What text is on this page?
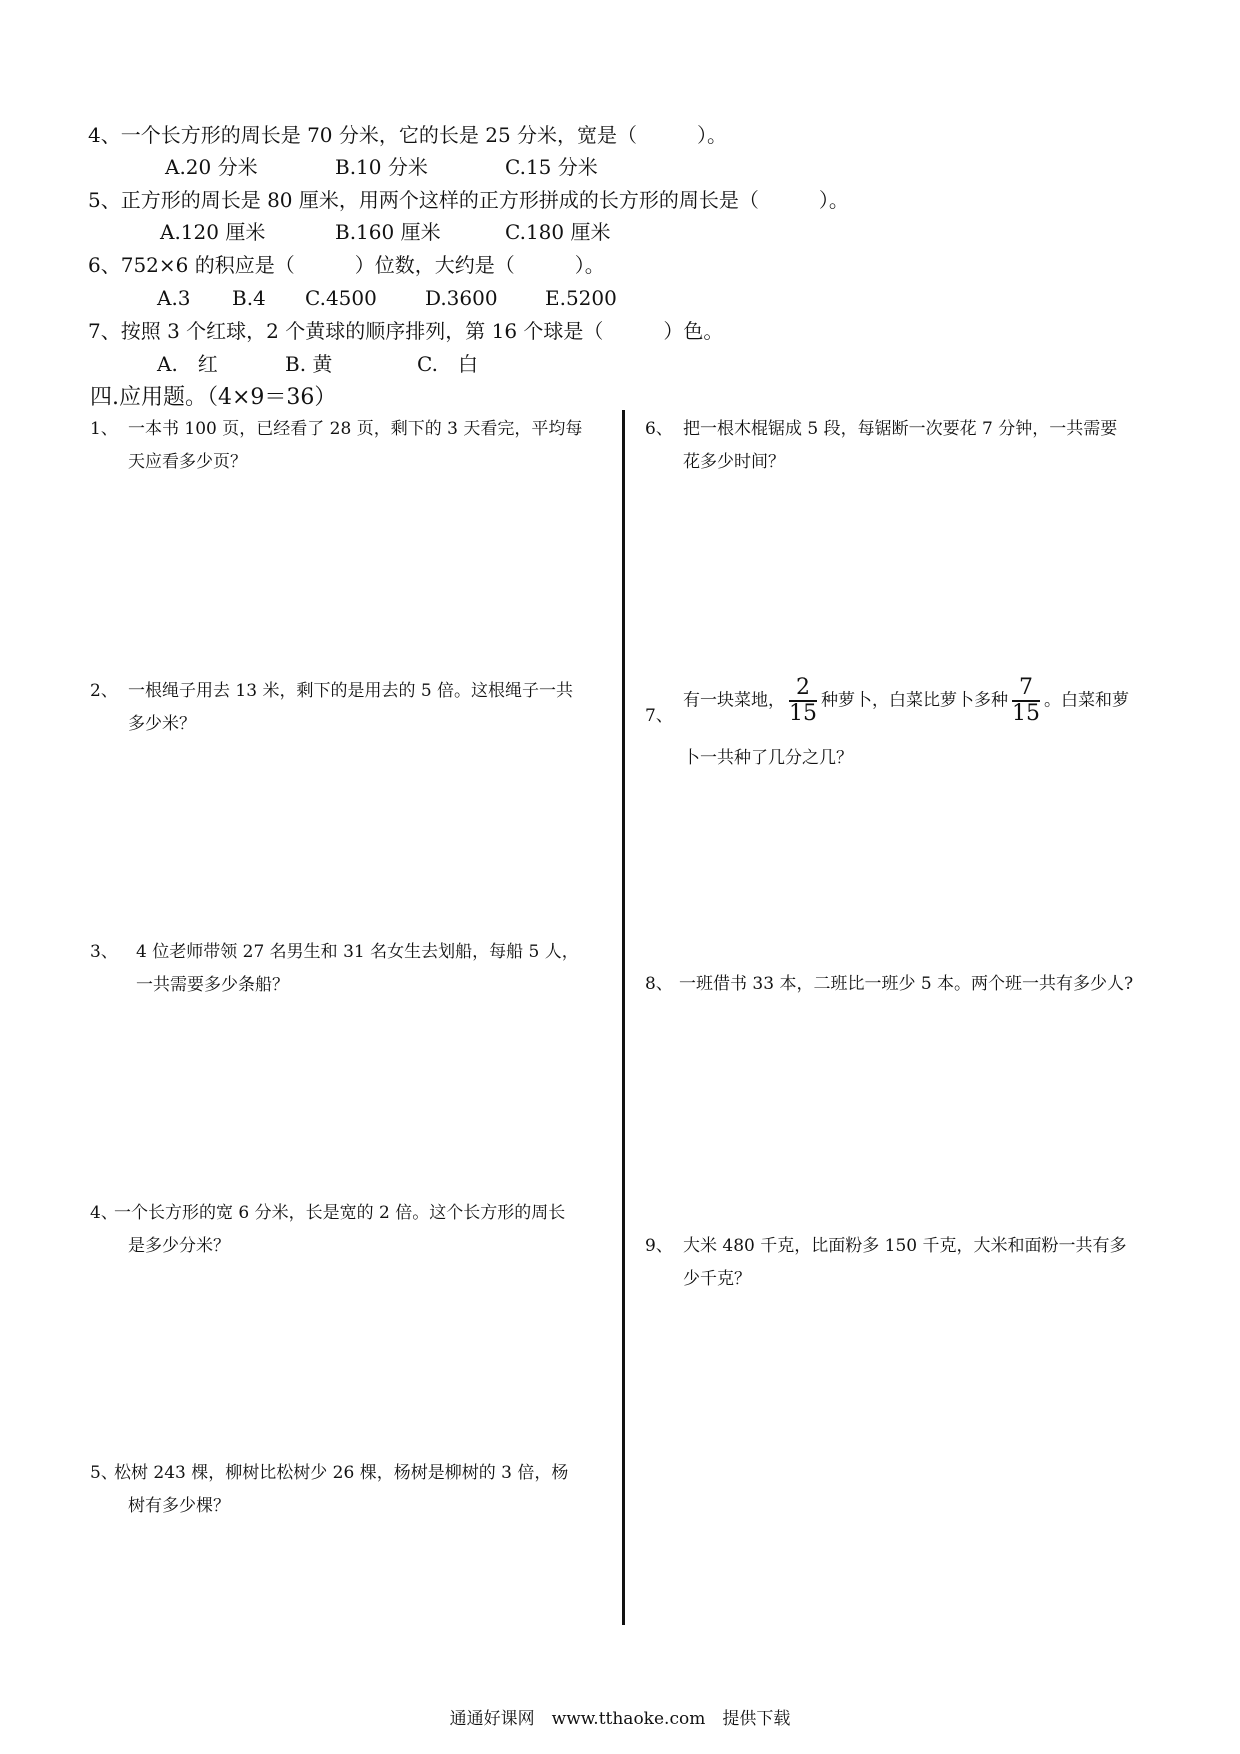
4、一个长方形的周长是 70 分米，它的长是 25 分米，宽是（　　　）。
A.20 分米	B.10 分米	C.15 分米
5、正方形的周长是 80 厘米，用两个这样的正方形拼成的长方形的周长是（　　　）。
A.120 厘米	B.160 厘米	C.180 厘米
6、752×6 的积应是（　　　）位数，大约是（　　　）。
A.3 B.4 C.4500 D.3600 E.5200
7、按照 3 个红球，2 个黄球的顺序排列，第 16 个球是（　　　）色。
A.　红	B. 黄	C.　白
四.应用题。（4×9＝36）
1、 一本书 100 页，已经看了 28 页，剩下的 3 天看完，平均每
天应看多少页？
2、 一根绳子用去 13 米，剩下的是用去的 5 倍。这根绳子一共
多少米？
3、 4 位老师带领 27 名男生和 31 名女生去划船，每船 5 人，
一共需要多少条船？
4、
一个长方形的宽 6 分米，长是宽的 2 倍。这个长方形的周长
是多少分米？
5、
松树 243 棵，柳树比松树少 26 棵，杨树是柳树的 3 倍，杨
树有多少棵？
6、 把一根木棍锯成 5 段，每锯断一次要花 7 分钟，一共需要
花多少时间？
7、
有一块菜地， $\frac{2}{15}$ 种萝卜，白菜比萝卜多种 $\frac{7}{15}$ 。白菜和萝
卜一共种了几分之几？
8、 一班借书 33 本，二班比一班少 5 本。两个班一共有多少人?
9、 大米 480 千克，比面粉多 150 千克，大米和面粉一共有多
少千克？
通通好课网　www.tthaoke.com　提供下载
